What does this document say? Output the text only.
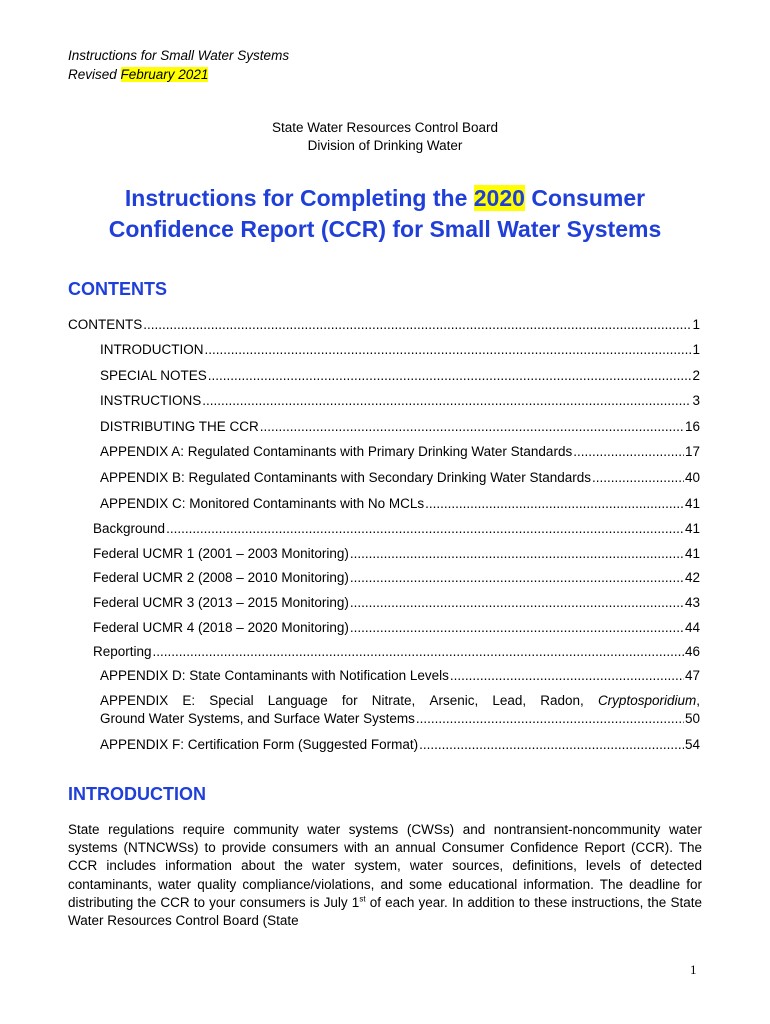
Instructions for Small Water Systems
Revised February 2021
State Water Resources Control Board
Division of Drinking Water
Instructions for Completing the 2020 Consumer
Confidence Report (CCR) for Small Water Systems
CONTENTS
CONTENTS .....	1
INTRODUCTION .....	1
SPECIAL NOTES .....	2
INSTRUCTIONS .....	3
DISTRIBUTING THE CCR .....	16
APPENDIX A: Regulated Contaminants with Primary Drinking Water Standards .....	17
APPENDIX B: Regulated Contaminants with Secondary Drinking Water Standards .....	40
APPENDIX C: Monitored Contaminants with No MCLs .....	41
Background .....	41
Federal UCMR 1 (2001 – 2003 Monitoring) .....	41
Federal UCMR 2 (2008 – 2010 Monitoring) .....	42
Federal UCMR 3 (2013 – 2015 Monitoring) .....	43
Federal UCMR 4 (2018 – 2020 Monitoring) .....	44
Reporting .....	46
APPENDIX D: State Contaminants with Notification Levels .....	47
APPENDIX E: Special Language for Nitrate, Arsenic, Lead, Radon, Cryptosporidium,
Ground Water Systems, and Surface Water Systems .....	50
APPENDIX F: Certification Form (Suggested Format) .....	54
INTRODUCTION
State regulations require community water systems (CWSs) and nontransient-noncommunity water systems (NTNCWSs) to provide consumers with an annual Consumer Confidence Report (CCR). The CCR includes information about the water system, water sources, definitions, levels of detected contaminants, water quality compliance/violations, and some educational information. The deadline for distributing the CCR to your consumers is July 1st of each year. In addition to these instructions, the State Water Resources Control Board (State
1
